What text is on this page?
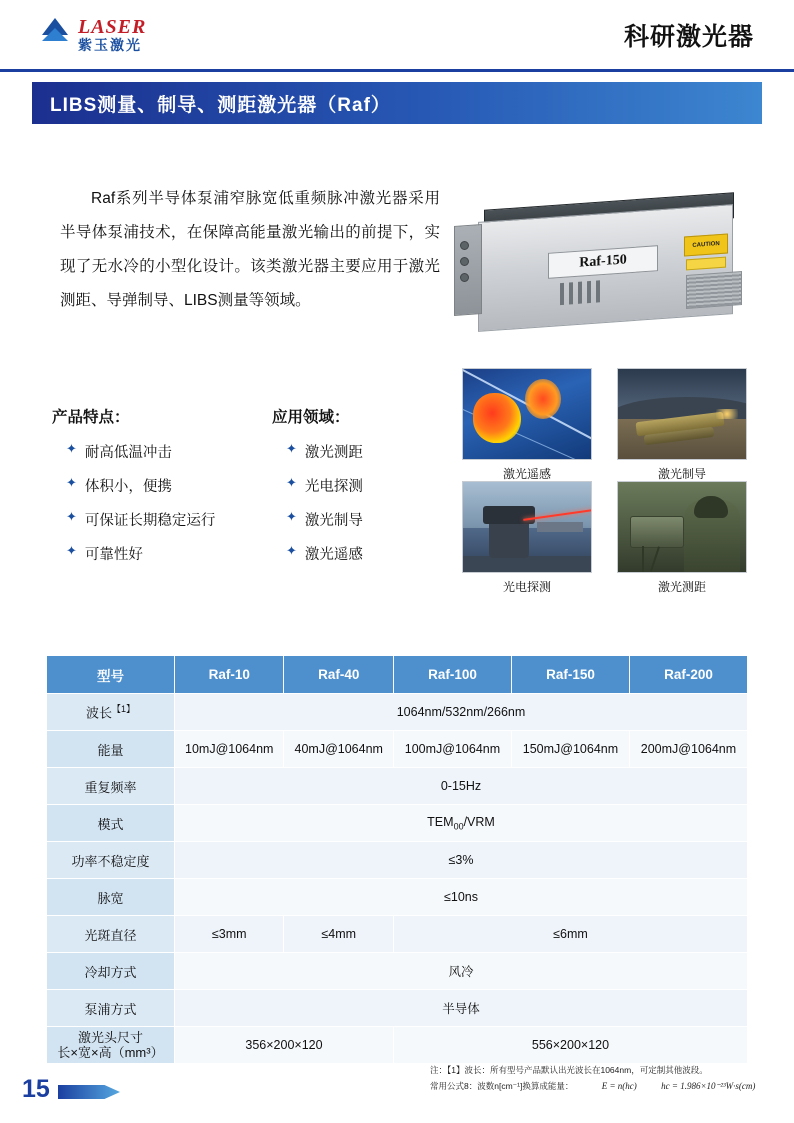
LASER
紫玉激光	科研激光器
LIBS测量、制导、测距激光器（Raf）
Raf系列半导体泵浦窄脉宽低重频脉冲激光器采用半导体泵浦技术，在保障高能量激光输出的前提下，实现了无水冷的小型化设计。该类激光器主要应用于激光测距、导弹制导、LIBS测量等领域。
Raf-150
CAUTION
产品特点：
✦ 耐高低温冲击
✦ 体积小，便携
✦ 可保证长期稳定运行
✦ 可靠性好
应用领域：
✦ 激光测距
✦ 光电探测
✦ 激光制导
✦ 激光遥感
激光遥感	激光制导
光电探测	激光测距
型号	Raf-10	Raf-40	Raf-100	Raf-150	Raf-200
波长$^{【1】}$	1064nm/532nm/266nm				
能量	10mJ@1064nm	40mJ@1064nm	100mJ@1064nm	150mJ@1064nm	200mJ@1064nm
重复频率	0-15Hz				
模式	$TEM_{00}$/VRM				
功率不稳定度	≤3%				
脉宽	≤10ns				
光斑直径	≤3mm	≤4mm	≤6mm		
冷却方式	风冷				
泵浦方式	半导体				
激光头尺寸
长×宽×高（mm³）	356×200×120		556×200×120		
注：【1】波长：所有型号产品默认出光波长在1064nm，可定制其他波段。
常用公式8：波数n[cm⁻¹]换算成能量：	E = n(hc)	hc = 1.986×10⁻²³W·s(cm)
15
